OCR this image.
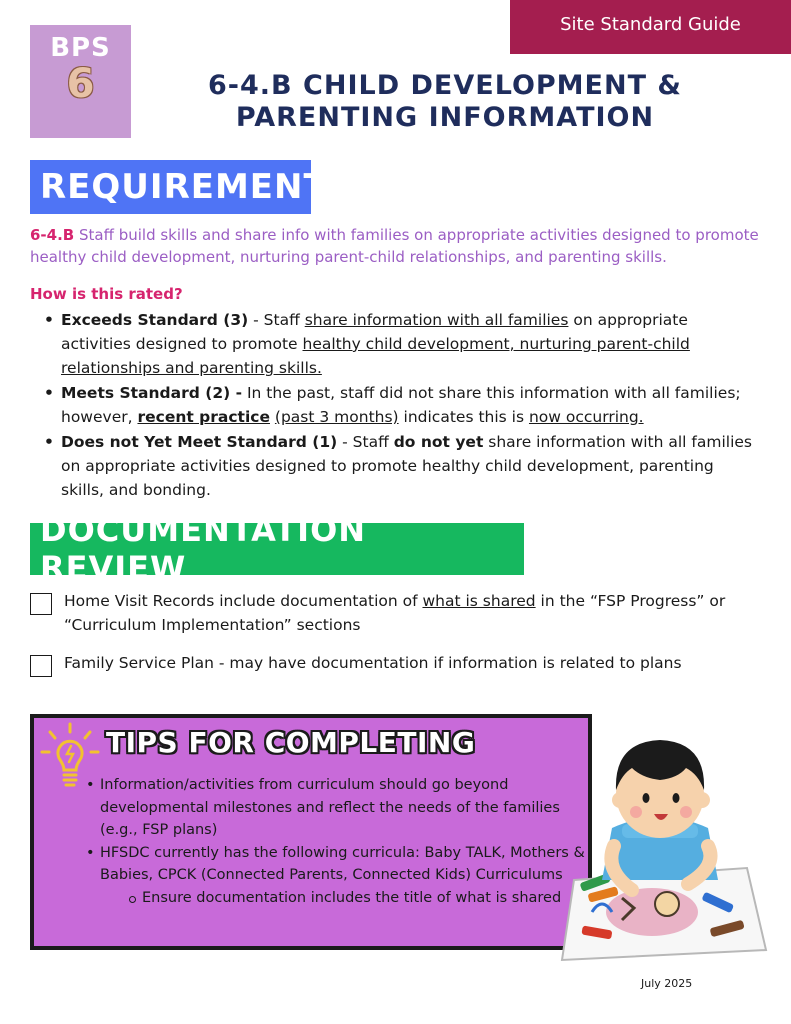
Site Standard Guide
BPS
6	6-4.B CHILD DEVELOPMENT &
PARENTING INFORMATION
REQUIREMENT

6-4.B Staff build skills and share info with families on appropriate activities designed to promote healthy child development, nurturing parent-child relationships, and parenting skills.

How is this rated?
• Exceeds Standard (3) - Staff share information with all families on appropriate activities designed to promote healthy child development, nurturing parent-child relationships and parenting skills.
• Meets Standard (2) - In the past, staff did not share this information with all families; however, recent practice (past 3 months) indicates this is now occurring.
• Does not Yet Meet Standard (1) - Staff do not yet share information with all families on appropriate activities designed to promote healthy child development, parenting skills, and bonding.
DOCUMENTATION REVIEW
Home Visit Records include documentation of what is shared in the “FSP Progress” or “Curriculum Implementation” sections
Family Service Plan - may have documentation if information is related to plans
TIPS FOR COMPLETING
• Information/activities from curriculum should go beyond developmental milestones and reflect the needs of the families (e.g., FSP plans)
• HFSDC currently has the following curricula: Baby TALK, Mothers & Babies, CPCK (Connected Parents, Connected Kids) Curriculums
Ensure documentation includes the title of what is shared
July 2025
